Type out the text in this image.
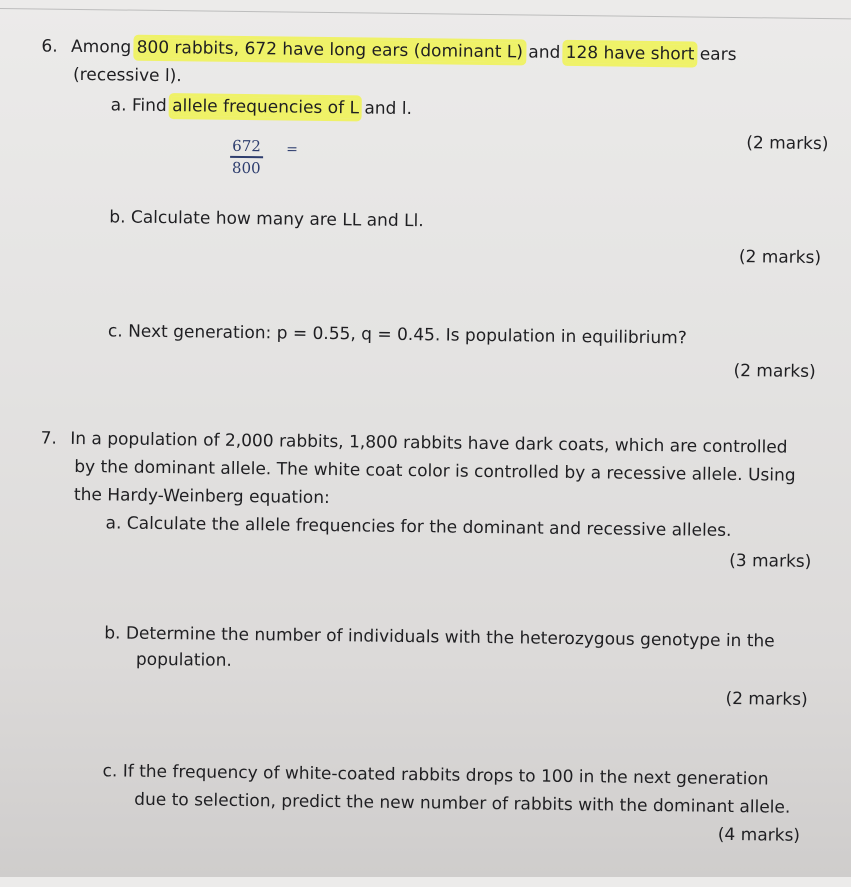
6. Among 800 rabbits, 672 have long ears (dominant L) and 128 have short ears
(recessive l).
a. Find allele frequencies of L and l.
(2 marks)
672
800
=
b. Calculate how many are LL and Ll.
(2 marks)
c. Next generation: p = 0.55, q = 0.45. Is population in equilibrium?
(2 marks)
7. In a population of 2,000 rabbits, 1,800 rabbits have dark coats, which are controlled
by the dominant allele. The white coat color is controlled by a recessive allele. Using
the Hardy-Weinberg equation:
a. Calculate the allele frequencies for the dominant and recessive alleles.
(3 marks)
b. Determine the number of individuals with the heterozygous genotype in the
population.
(2 marks)
c. If the frequency of white-coated rabbits drops to 100 in the next generation
due to selection, predict the new number of rabbits with the dominant allele.
(4 marks)
